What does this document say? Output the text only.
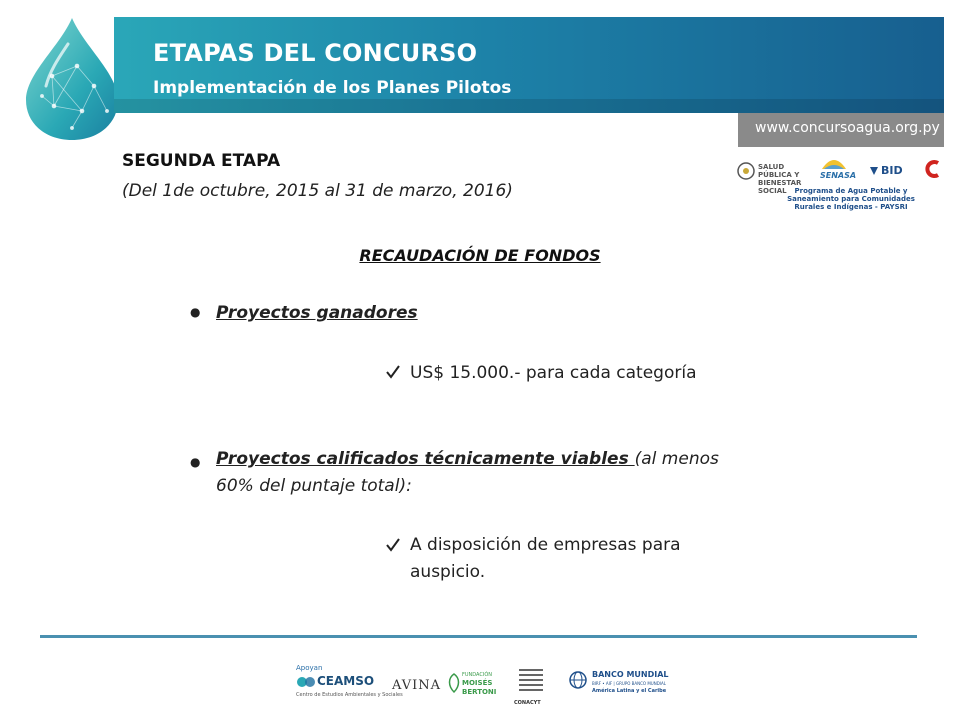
ETAPAS DEL CONCURSO
Implementación de los Planes Pilotos
www.concursoagua.org.py
SALUD PÚBLICA Y BIENESTAR SOCIAL
SENASA BID
Programa de Agua Potable y Saneamiento para Comunidades Rurales e Indígenas - PAYSRI
SEGUNDA ETAPA
(Del 1de octubre, 2015 al 31 de marzo, 2016)
RECAUDACIÓN DE FONDOS
● Proyectos ganadores
US$ 15.000.- para cada categoría
● Proyectos calificados técnicamente viables (al menos 60% del puntaje total):
A disposición de empresas para auspicio.
Apoyan
CEAMSO
Centro de Estudios Ambientales y Sociales
AVINA
FUNDACIÓN
MOISÉS
BERTONI
CONACYT
BANCO MUNDIAL
BIRF • AIF | GRUPO BANCO MUNDIAL
América Latina y el Caribe
